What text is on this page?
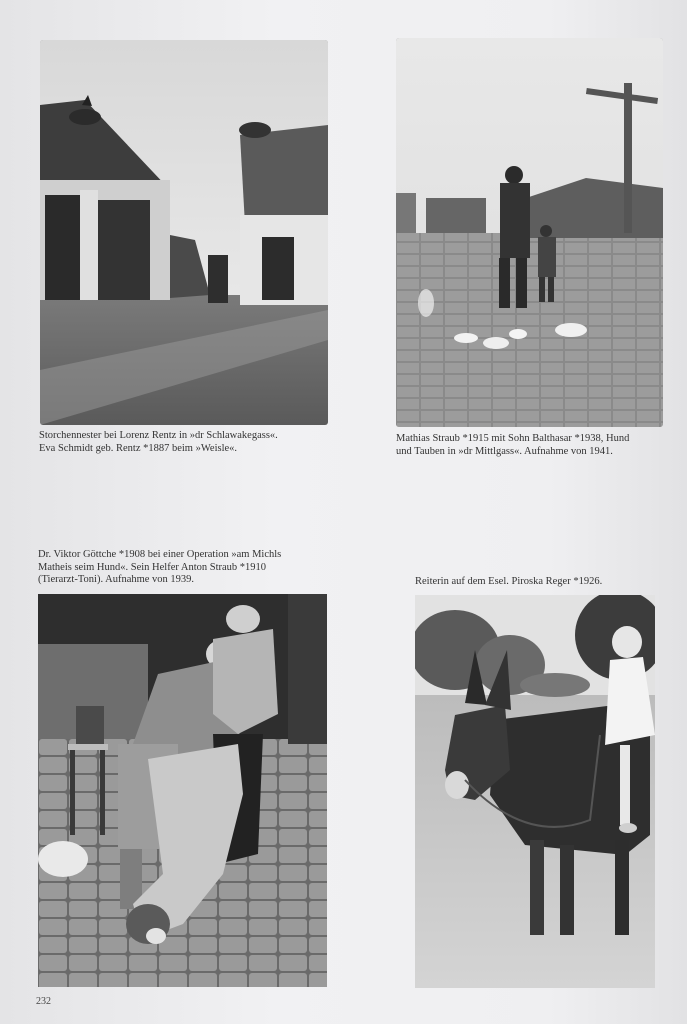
Storchennester bei Lorenz Rentz in »dr Schlawakegass«.
Eva Schmidt geb. Rentz *1887 beim »Weisle«.
Mathias Straub *1915 mit Sohn Balthasar *1938, Hund
und Tauben in »dr Mittlgass«. Aufnahme von 1941.
Dr. Viktor Göttche *1908 bei einer Operation »am Michls
Matheis seim Hund«. Sein Helfer Anton Straub *1910
(Tierarzt-Toni). Aufnahme von 1939.	Reiterin auf dem Esel. Piroska Reger *1926.
232
